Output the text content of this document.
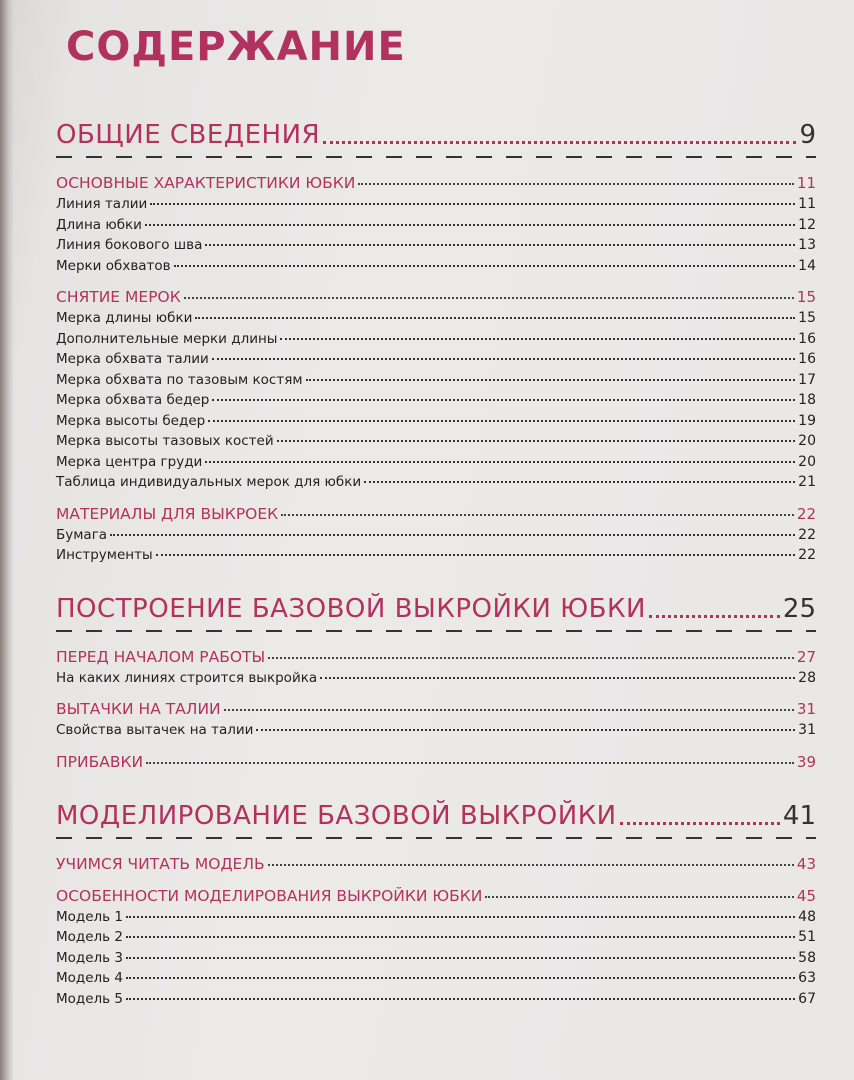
СОДЕРЖАНИЕ
ОБЩИЕ СВЕДЕНИЯ	9
ОСНОВНЫЕ ХАРАКТЕРИСТИКИ ЮБКИ	11
Линия талии	11
Длина юбки	12
Линия бокового шва	13
Мерки обхватов	14
СНЯТИЕ МЕРОК	15
Мерка длины юбки	15
Дополнительные мерки длины	16
Мерка обхвата талии	16
Мерка обхвата по тазовым костям	17
Мерка обхвата бедер	18
Мерка высоты бедер	19
Мерка высоты тазовых костей	20
Мерка центра груди	20
Таблица индивидуальных мерок для юбки	21
МАТЕРИАЛЫ ДЛЯ ВЫКРОЕК	22
Бумага	22
Инструменты	22
ПОСТРОЕНИЕ БАЗОВОЙ ВЫКРОЙКИ ЮБКИ	25
ПЕРЕД НАЧАЛОМ РАБОТЫ	27
На каких линиях строится выкройка	28
ВЫТАЧКИ НА ТАЛИИ	31
Свойства вытачек на талии	31
ПРИБАВКИ	39
МОДЕЛИРОВАНИЕ БАЗОВОЙ ВЫКРОЙКИ	41
УЧИМСЯ ЧИТАТЬ МОДЕЛЬ	43
ОСОБЕННОСТИ МОДЕЛИРОВАНИЯ ВЫКРОЙКИ ЮБКИ	45
Модель 1	48
Модель 2	51
Модель 3	58
Модель 4	63
Модель 5	67
